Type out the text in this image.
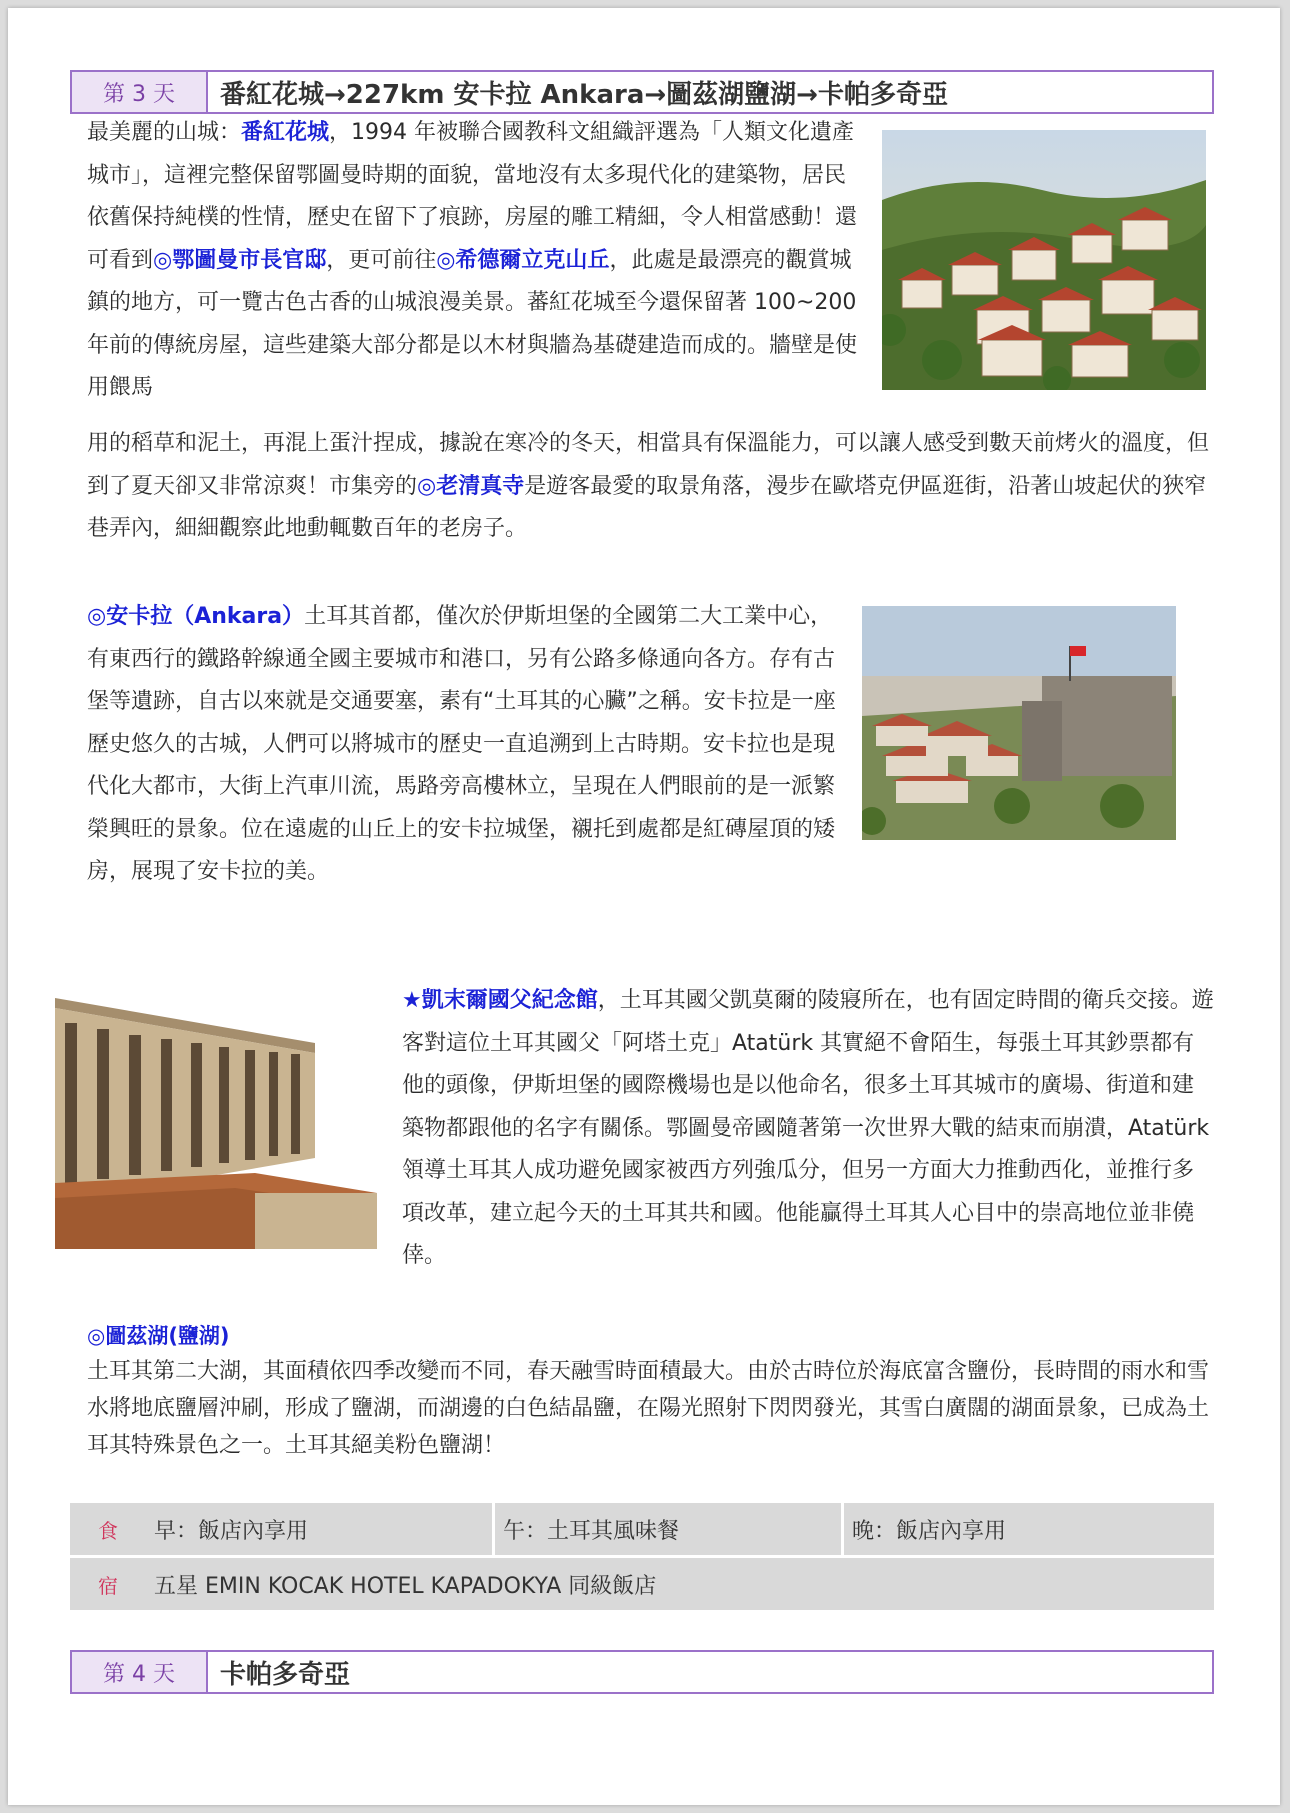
第 3 天	番紅花城→227km 安卡拉 Ankara→圖茲湖鹽湖→卡帕多奇亞

最美麗的山城：番紅花城，1994 年被聯合國教科文組織評選為「人類文化遺產城市」，這裡完整保留鄂圖曼時期的面貌，當地沒有太多現代化的建築物，居民依舊保持純樸的性情，歷史在留下了痕跡，房屋的雕工精細，令人相當感動！還可看到◎鄂圖曼市長官邸，更可前往◎希德爾立克山丘，此處是最漂亮的觀賞城鎮的地方，可一覽古色古香的山城浪漫美景。蕃紅花城至今還保留著 100~200 年前的傳統房屋，這些建築大部分都是以木材與牆為基礎建造而成的。牆壁是使用餵馬

用的稻草和泥土，再混上蛋汁捏成，據說在寒冷的冬天，相當具有保溫能力，可以讓人感受到數天前烤火的溫度，但到了夏天卻又非常涼爽！市集旁的◎老清真寺是遊客最愛的取景角落，漫步在歐塔克伊區逛街，沿著山坡起伏的狹窄巷弄內，細細觀察此地動輒數百年的老房子。

◎安卡拉（Ankara）土耳其首都，僅次於伊斯坦堡的全國第二大工業中心，有東西行的鐵路幹線通全國主要城市和港口，另有公路多條通向各方。存有古堡等遺跡，自古以來就是交通要塞，素有“土耳其的心臟”之稱。安卡拉是一座歷史悠久的古城，人們可以將城市的歷史一直追溯到上古時期。安卡拉也是現代化大都市，大街上汽車川流，馬路旁高樓林立，呈現在人們眼前的是一派繁榮興旺的景象。位在遠處的山丘上的安卡拉城堡，襯托到處都是紅磚屋頂的矮房，展現了安卡拉的美。

★凱末爾國父紀念館，土耳其國父凱莫爾的陵寢所在，也有固定時間的衛兵交接。遊客對這位土耳其國父「阿塔土克」Atatürk 其實絕不會陌生，每張土耳其鈔票都有他的頭像，伊斯坦堡的國際機場也是以他命名，很多土耳其城市的廣場、街道和建築物都跟他的名字有關係。鄂圖曼帝國隨著第一次世界大戰的結束而崩潰，Atatürk 領導土耳其人成功避免國家被西方列強瓜分，但另一方面大力推動西化，並推行多項改革，建立起今天的土耳其共和國。他能贏得土耳其人心目中的崇高地位並非僥倖。

◎圖茲湖(鹽湖)

土耳其第二大湖，其面積依四季改變而不同，春天融雪時面積最大。由於古時位於海底富含鹽份，長時間的雨水和雪水將地底鹽層沖刷，形成了鹽湖，而湖邊的白色結晶鹽，在陽光照射下閃閃發光，其雪白廣闊的湖面景象，已成為土耳其特殊景色之一。土耳其絕美粉色鹽湖！

食	早：飯店內享用	午：土耳其風味餐	晚：飯店內享用
宿	五星 EMIN KOCAK HOTEL KAPADOKYA 同級飯店		
第 4 天	卡帕多奇亞
